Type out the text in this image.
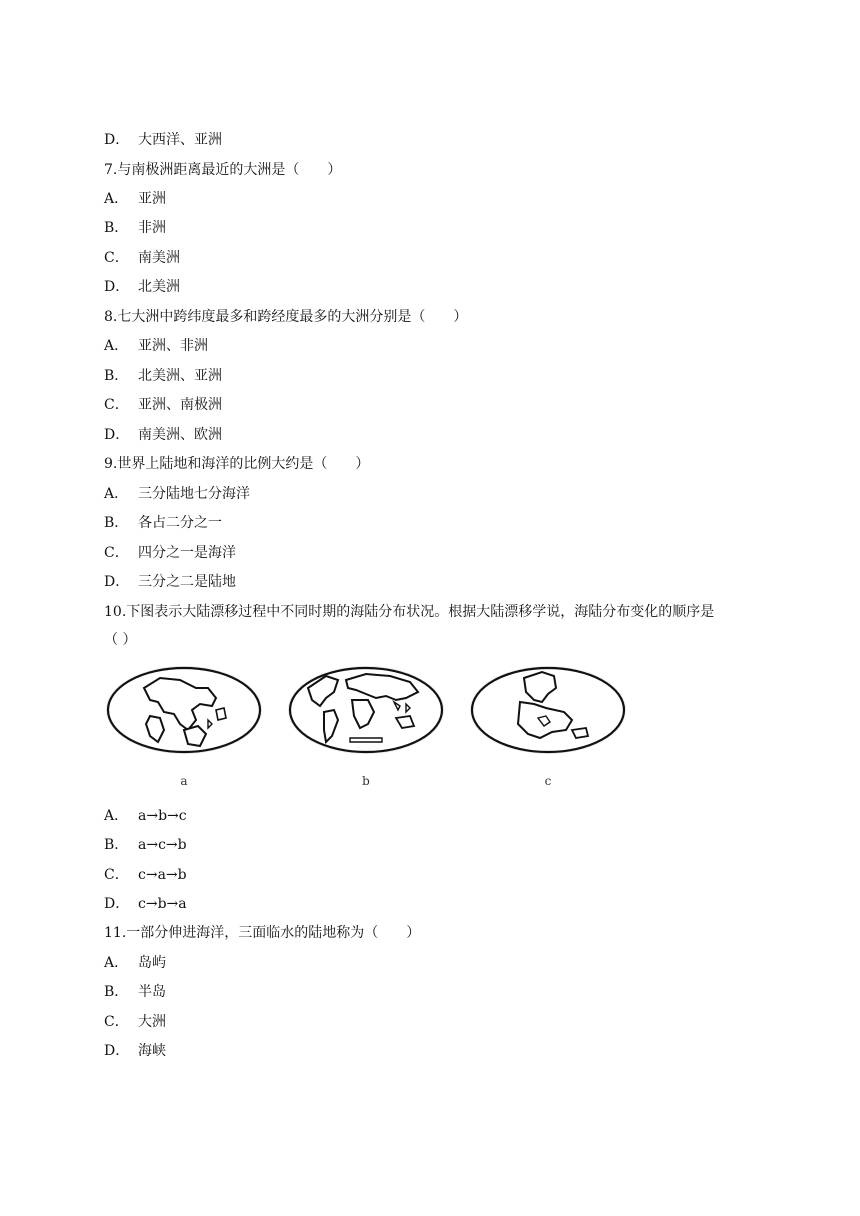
D． 大西洋、亚洲
7.与南极洲距离最近的大洲是（　　）
A． 亚洲
B． 非洲
C． 南美洲
D． 北美洲
8.七大洲中跨纬度最多和跨经度最多的大洲分别是（　　）
A． 亚洲、非洲
B． 北美洲、亚洲
C． 亚洲、南极洲
D． 南美洲、欧洲
9.世界上陆地和海洋的比例大约是（　　）
A． 三分陆地七分海洋
B． 各占二分之一
C． 四分之一是海洋
D． 三分之二是陆地
10.下图表示大陆漂移过程中不同时期的海陆分布状况。根据大陆漂移学说，海陆分布变化的顺序是
（ ）
a	b	c
A． a→b→c
B． a→c→b
C． c→a→b
D． c→b→a
11.一部分伸进海洋，三面临水的陆地称为（　　）
A． 岛屿
B． 半岛
C． 大洲
D． 海峡
